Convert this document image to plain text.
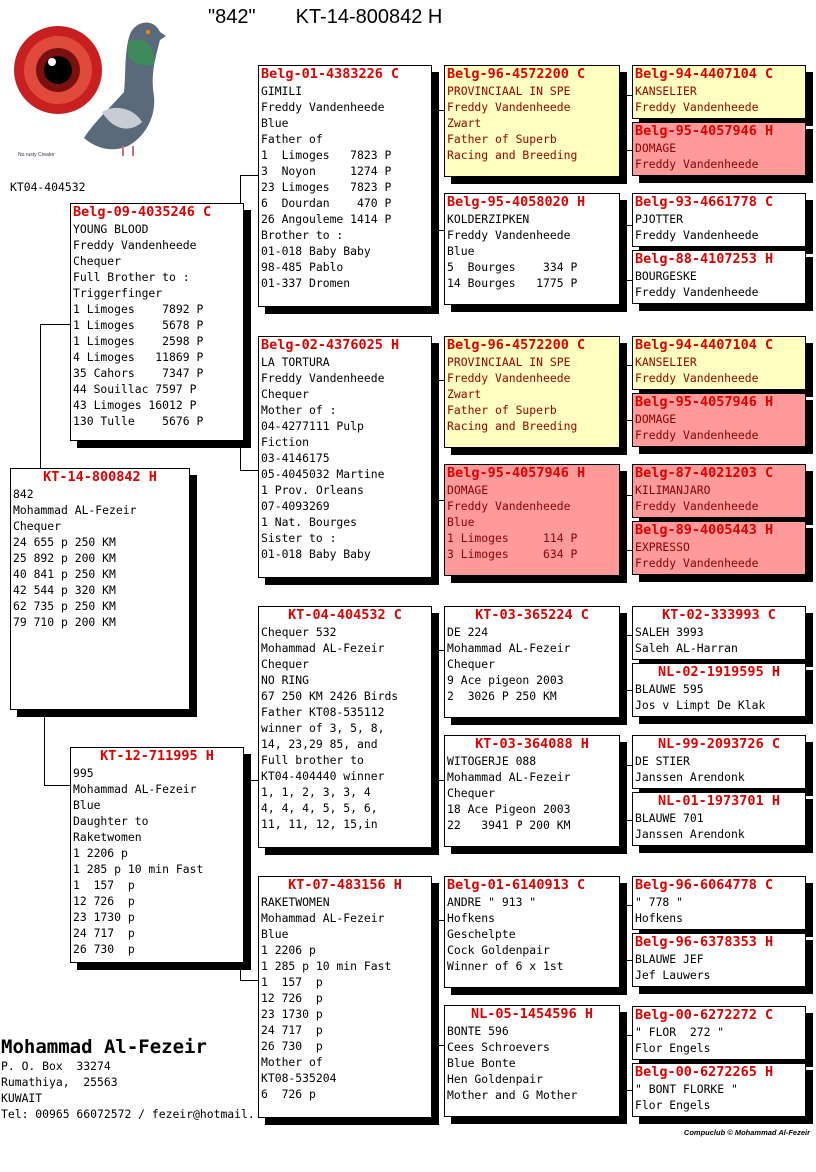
"842" KT-14-800842 H
No rusty Creator
KT04-404532
KT-14-800842 H
842
Mohammad AL-Fezeir
Chequer
24 655 p 250 KM
25 892 p 200 KM
40 841 p 250 KM
42 544 p 320 KM
62 735 p 250 KM
79 710 p 200 KM
Belg-09-4035246 C
YOUNG BLOOD
Freddy Vandenheede
Chequer
Full Brother to :
Triggerfinger
1 Limoges    7892 P
1 Limoges    5678 P
1 Limoges    2598 P
4 Limoges   11869 P
35 Cahors    7347 P
44 Souillac 7597 P
43 Limoges 16012 P
130 Tulle    5676 P
KT-12-711995 H
995
Mohammad AL-Fezeir
Blue
Daughter to
Raketwomen
1 2206 p
1 285 p 10 min Fast
1  157  p
12 726  p
23 1730 p
24 717  p
26 730  p
Belg-01-4383226 C
GIMILI
Freddy Vandenheede
Blue
Father of
1  Limoges   7823 P
3  Noyon     1274 P
23 Limoges   7823 P
6  Dourdan    470 P
26 Angouleme 1414 P
Brother to :
01-018 Baby Baby
98-485 Pablo
01-337 Dromen
Belg-02-4376025 H
LA TORTURA
Freddy Vandenheede
Chequer
Mother of :
04-4277111 Pulp
Fiction
03-4146175
05-4045032 Martine
1 Prov. Orleans
07-4093269
1 Nat. Bourges
Sister to :
01-018 Baby Baby
KT-04-404532 C
Chequer 532
Mohammad AL-Fezeir
Chequer
NO RING
67 250 KM 2426 Birds
Father KT08-535112
winner of 3, 5, 8,
14, 23,29 85, and
Full brother to
KT04-404440 winner
1, 1, 2, 3, 3, 4
4, 4, 4, 5, 5, 6,
11, 11, 12, 15,in
KT-07-483156 H
RAKETWOMEN
Mohammad AL-Fezeir
Blue
1 2206 p
1 285 p 10 min Fast
1  157  p
12 726  p
23 1730 p
24 717  p
26 730  p
Mother of
KT08-535204
6  726 p
Belg-96-4572200 C
PROVINCIAAL IN SPE
Freddy Vandenheede
Zwart
Father of Superb
Racing and Breeding
Belg-95-4058020 H
KOLDERZIPKEN
Freddy Vandenheede
Blue
5  Bourges    334 P
14 Bourges   1775 P
Belg-96-4572200 C
PROVINCIAAL IN SPE
Freddy Vandenheede
Zwart
Father of Superb
Racing and Breeding
Belg-95-4057946 H
DOMAGE
Freddy Vandenheede
Blue
1 Limoges     114 P
3 Limoges     634 P
KT-03-365224 C
DE 224
Mohammad AL-Fezeir
Chequer
9 Ace pigeon 2003
2  3026 P 250 KM
KT-03-364088 H
WITOGERJE 088
Mohammad AL-Fezeir
Chequer
18 Ace Pigeon 2003
22   3941 P 200 KM
Belg-01-6140913 C
ANDRE " 913 "
Hofkens
Geschelpte
Cock Goldenpair
Winner of 6 x 1st
NL-05-1454596 H
BONTE 596
Cees Schroevers
Blue Bonte
Hen Goldenpair
Mother and G Mother
Belg-94-4407104 C
KANSELIER
Freddy Vandenheede
Belg-95-4057946 H
DOMAGE
Freddy Vandenheede
Belg-93-4661778 C
PJOTTER
Freddy Vandenheede
Belg-88-4107253 H
BOURGESKE
Freddy Vandenheede
Belg-94-4407104 C
KANSELIER
Freddy Vandenheede
Belg-95-4057946 H
DOMAGE
Freddy Vandenheede
Belg-87-4021203 C
KILIMANJARO
Freddy Vandenheede
Belg-89-4005443 H
EXPRESSO
Freddy Vandenheede
KT-02-333993 C
SALEH 3993
Saleh AL-Harran
NL-02-1919595 H
BLAUWE 595
Jos v Limpt De Klak
NL-99-2093726 C
DE STIER
Janssen Arendonk
NL-01-1973701 H
BLAUWE 701
Janssen Arendonk
Belg-96-6064778 C
" 778 "
Hofkens
Belg-96-6378353 H
BLAUWE JEF
Jef Lauwers
Belg-00-6272272 C
" FLOR  272 "
Flor Engels
Belg-00-6272265 H
" BONT FLORKE "
Flor Engels
Mohammad Al-Fezeir
P. O. Box  33274
Rumathiya,  25563
KUWAIT
Tel: 00965 66072572 / fezeir@hotmail.
Compuclub © Mohammad Al-Fezeir
